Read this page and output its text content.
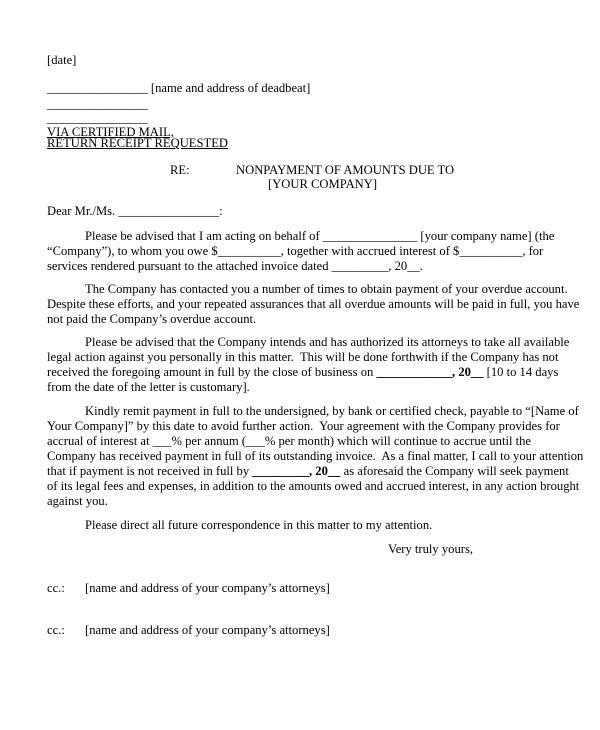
[date]
________________ [name and address of deadbeat]
________________
________________
VIA CERTIFIED MAIL,
RETURN RECEIPT REQUESTED
RE:	NONPAYMENT OF AMOUNTS DUE TO
[YOUR COMPANY]
Dear Mr./Ms. ________________:
Please be advised that I am acting on behalf of _______________ [your company name] (the
“Company”), to whom you owe $__________, together with accrued interest of $__________, for
services rendered pursuant to the attached invoice dated _________, 20__.
The Company has contacted you a number of times to obtain payment of your overdue account.
Despite these efforts, and your repeated assurances that all overdue amounts will be paid in full, you have
not paid the Company’s overdue account.
Please be advised that the Company intends and has authorized its attorneys to take all available
legal action against you personally in this matter.  This will be done forthwith if the Company has not
received the foregoing amount in full by the close of business on ____________, 20__ [10 to 14 days
from the date of the letter is customary].
Kindly remit payment in full to the undersigned, by bank or certified check, payable to “[Name of
Your Company]” by this date to avoid further action.  Your agreement with the Company provides for
accrual of interest at ___% per annum (___% per month) which will continue to accrue until the
Company has received payment in full of its outstanding invoice.  As a final matter, I call to your attention
that if payment is not received in full by _________, 20__ as aforesaid the Company will seek payment
of its legal fees and expenses, in addition to the amounts owed and accrued interest, in any action brought
against you.
Please direct all future correspondence in this matter to my attention.
Very truly yours,
cc.: [name and address of your company’s attorneys]
cc.: [name and address of your company’s attorneys]
